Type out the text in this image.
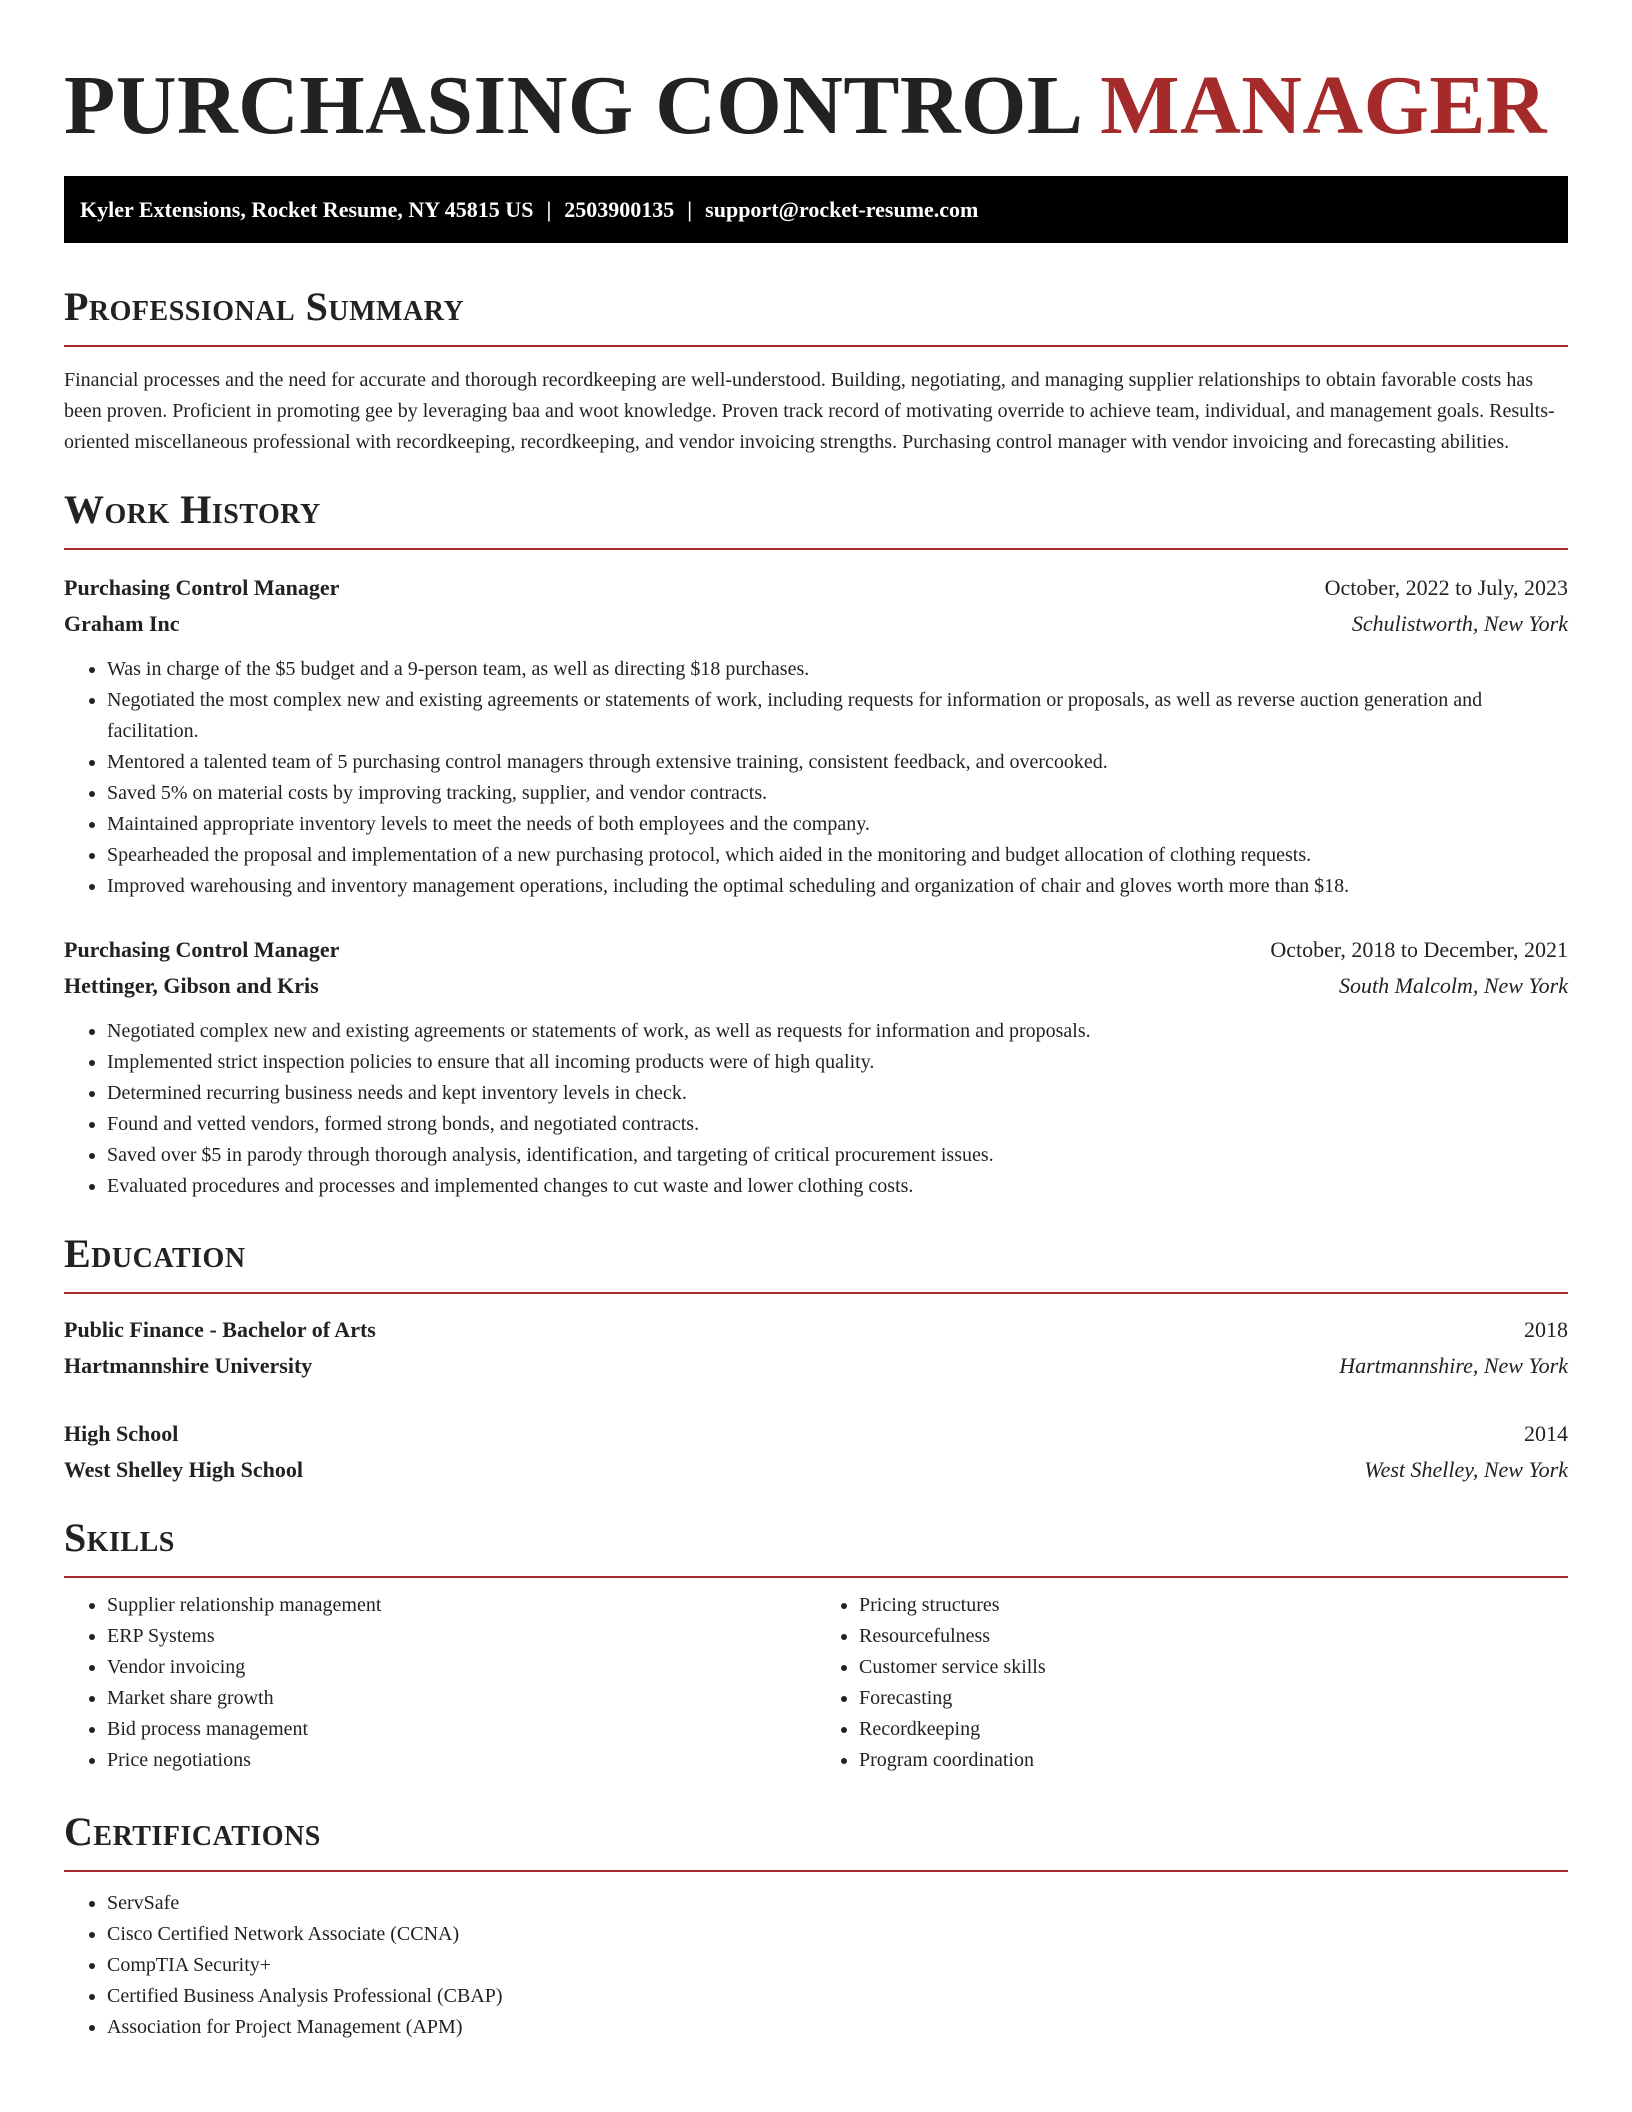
PURCHASING CONTROL MANAGER
Kyler Extensions, Rocket Resume, NY 45815 US | 2503900135 | support@rocket-resume.com
Professional Summary

Financial processes and the need for accurate and thorough recordkeeping are well-understood. Building, negotiating, and managing supplier relationships to obtain favorable costs has been proven. Proficient in promoting gee by leveraging baa and woot knowledge. Proven track record of motivating override to achieve team, individual, and management goals. Results-oriented miscellaneous professional with recordkeeping, recordkeeping, and vendor invoicing strengths. Purchasing control manager with vendor invoicing and forecasting abilities.

Work History
Purchasing Control Manager	October, 2022 to July, 2023
Graham Inc	Schulistworth, New York
• Was in charge of the $5 budget and a 9-person team, as well as directing $18 purchases.
• Negotiated the most complex new and existing agreements or statements of work, including requests for information or proposals, as well as reverse auction generation and facilitation.
• Mentored a talented team of 5 purchasing control managers through extensive training, consistent feedback, and overcooked.
• Saved 5% on material costs by improving tracking, supplier, and vendor contracts.
• Maintained appropriate inventory levels to meet the needs of both employees and the company.
• Spearheaded the proposal and implementation of a new purchasing protocol, which aided in the monitoring and budget allocation of clothing requests.
• Improved warehousing and inventory management operations, including the optimal scheduling and organization of chair and gloves worth more than $18.
Purchasing Control Manager	October, 2018 to December, 2021
Hettinger, Gibson and Kris	South Malcolm, New York
• Negotiated complex new and existing agreements or statements of work, as well as requests for information and proposals.
• Implemented strict inspection policies to ensure that all incoming products were of high quality.
• Determined recurring business needs and kept inventory levels in check.
• Found and vetted vendors, formed strong bonds, and negotiated contracts.
• Saved over $5 in parody through thorough analysis, identification, and targeting of critical procurement issues.
• Evaluated procedures and processes and implemented changes to cut waste and lower clothing costs.
Education
Public Finance - Bachelor of Arts	2018
Hartmannshire University	Hartmannshire, New York
High School	2014
West Shelley High School	West Shelley, New York
Skills
• Supplier relationship management
• ERP Systems
• Vendor invoicing
• Market share growth
• Bid process management
• Price negotiations
• Pricing structures
• Resourcefulness
• Customer service skills
• Forecasting
• Recordkeeping
• Program coordination
Certifications
• ServSafe
• Cisco Certified Network Associate (CCNA)
• CompTIA Security+
• Certified Business Analysis Professional (CBAP)
• Association for Project Management (APM)
